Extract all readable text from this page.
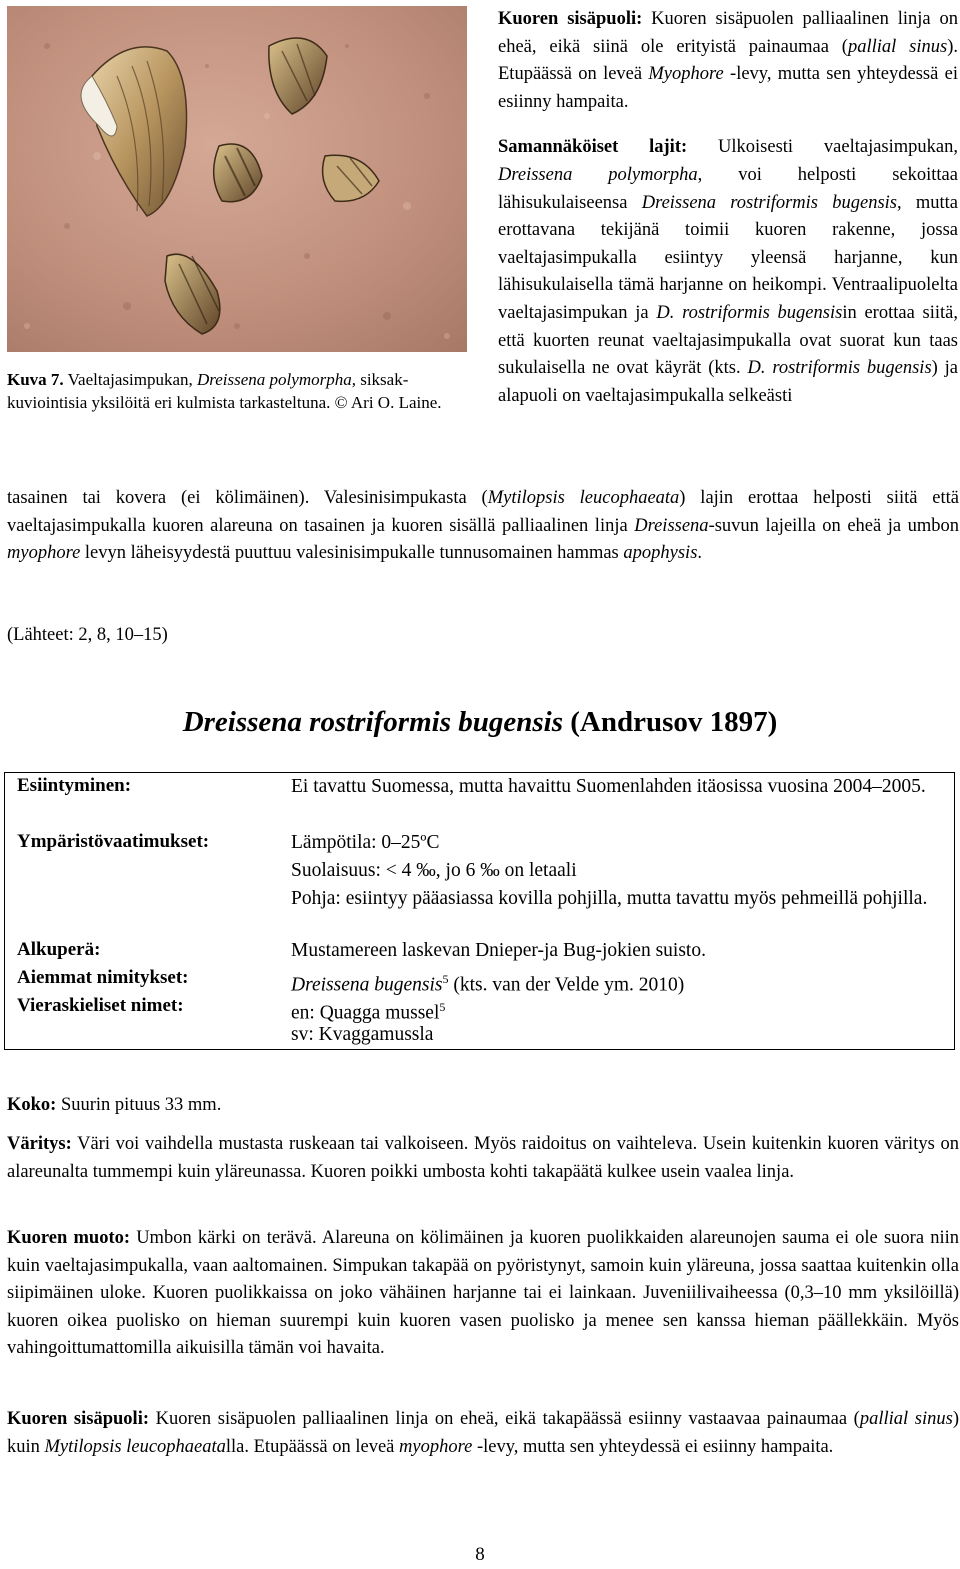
Kuva 7. Vaeltajasimpukan, Dreissena polymorpha, siksak-kuviointisia yksilöitä eri kulmista tarkasteltuna. © Ari O. Laine.

Kuoren sisäpuoli: Kuoren sisäpuolen palliaalinen linja on eheä, eikä siinä ole erityistä painaumaa (pallial sinus). Etupäässä on leveä Myophore -levy, mutta sen yhteydessä ei esiinny hampaita.

Samannäköiset lajit: Ulkoisesti vaeltajasimpukan, Dreissena polymorpha, voi helposti sekoittaa lähisukulaiseensa Dreissena rostriformis bugensis, mutta erottavana tekijänä toimii kuoren rakenne, jossa vaeltajasimpukalla esiintyy yleensä harjanne, kun lähisukulaisella tämä harjanne on heikompi. Ventraalipuolelta vaeltajasimpukan ja D. rostriformis bugensisin erottaa siitä, että kuorten reunat vaeltajasimpukalla ovat suorat kun taas sukulaisella ne ovat käyrät (kts. D. rostriformis bugensis) ja alapuoli on vaeltajasimpukalla selkeästi

tasainen tai kovera (ei kölimäinen). Valesinisimpukasta (Mytilopsis leucophaeata) lajin erottaa helposti siitä että vaeltajasimpukalla kuoren alareuna on tasainen ja kuoren sisällä palliaalinen linja Dreissena-suvun lajeilla on eheä ja umbon myophore levyn läheisyydestä puuttuu valesinisimpukalle tunnusomainen hammas apophysis.

(Lähteet: 2, 8, 10–15)
Dreissena rostriformis bugensis (Andrusov 1897)
Esiintyminen:	Ei tavattu Suomessa, mutta havaittu Suomenlahden itäosissa vuosina 2004–2005.
Ympäristövaatimukset:	Lämpötila: 0–25ºC
Suolaisuus: < 4 ‰, jo 6 ‰ on letaali
Pohja: esiintyy pääasiassa kovilla pohjilla, mutta tavattu myös pehmeillä pohjilla.
Alkuperä:	Mustamereen laskevan Dnieper-ja Bug-jokien suisto.
Aiemmat nimitykset:	Dreissena bugensis$^5$ (kts. van der Velde ym. 2010)
Vieraskieliset nimet:	en: Quagga mussel$^5$
sv: Kvaggamussla
Koko: Suurin pituus 33 mm.
Väritys: Väri voi vaihdella mustasta ruskeaan tai valkoiseen. Myös raidoitus on vaihteleva. Usein kuitenkin kuoren väritys on alareunalta tummempi kuin yläreunassa. Kuoren poikki umbosta kohti takapäätä kulkee usein vaalea linja.
Kuoren muoto: Umbon kärki on terävä. Alareuna on kölimäinen ja kuoren puolikkaiden alareunojen sauma ei ole suora niin kuin vaeltajasimpukalla, vaan aaltomainen. Simpukan takapää on pyöristynyt, samoin kuin yläreuna, jossa saattaa kuitenkin olla siipimäinen uloke. Kuoren puolikkaissa on joko vähäinen harjanne tai ei lainkaan. Juveniilivaiheessa (0,3–10 mm yksilöillä) kuoren oikea puolisko on hieman suurempi kuin kuoren vasen puolisko ja menee sen kanssa hieman päällekkäin. Myös vahingoittumattomilla aikuisilla tämän voi havaita.
Kuoren sisäpuoli: Kuoren sisäpuolen palliaalinen linja on eheä, eikä takapäässä esiinny vastaavaa painaumaa (pallial sinus) kuin Mytilopsis leucophaeatalla. Etupäässä on leveä myophore -levy, mutta sen yhteydessä ei esiinny hampaita.
8
